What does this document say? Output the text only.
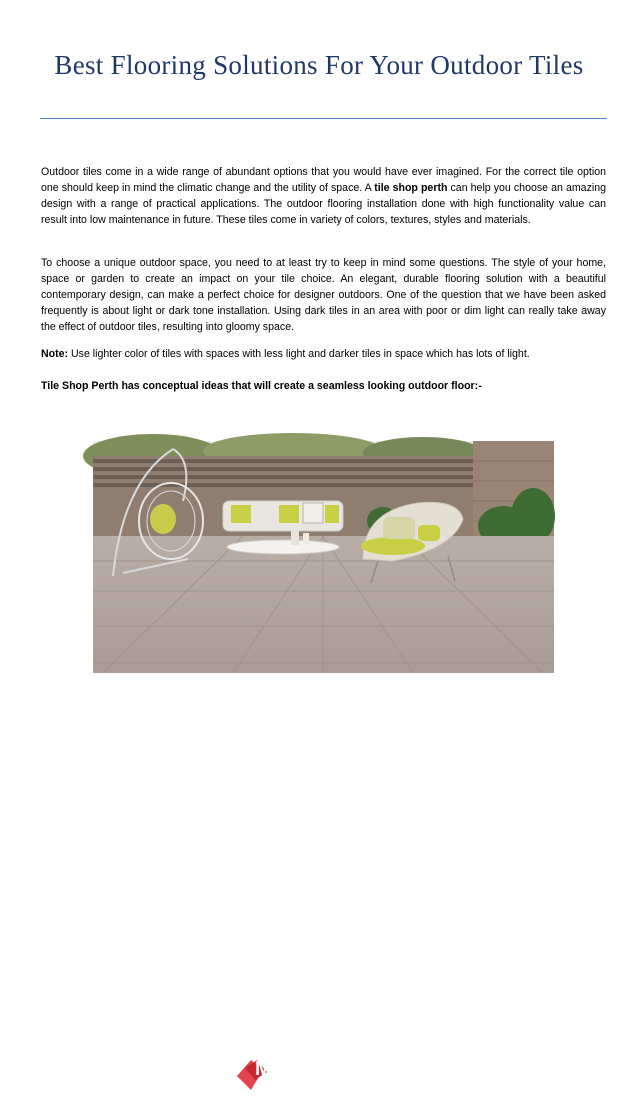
Best Flooring Solutions For Your Outdoor Tiles

Outdoor tiles come in a wide range of abundant options that you would have ever imagined. For the correct tile option one should keep in mind the climatic change and the utility of space. A tile shop perth can help you choose an amazing design with a range of practical applications. The outdoor flooring installation done with high functionality value can result into low maintenance in future. These tiles come in variety of colors, textures, styles and materials.

To choose a unique outdoor space, you need to at least try to keep in mind some questions. The style of your home, space or garden to create an impact on your tile choice. An elegant, durable flooring solution with a beautiful contemporary design, can make a perfect choice for designer outdoors. One of the question that we have been asked frequently is about light or dark tone installation. Using dark tiles in an area with poor or dim light can really take away the effect of outdoor tiles, resulting into gloomy space.

Note: Use lighter color of tiles with spaces with less light and darker tiles in space which has lots of light.

Tile Shop Perth has conceptual ideas that will create a seamless looking outdoor floor:-

MALAGA
TILE CENTRE
